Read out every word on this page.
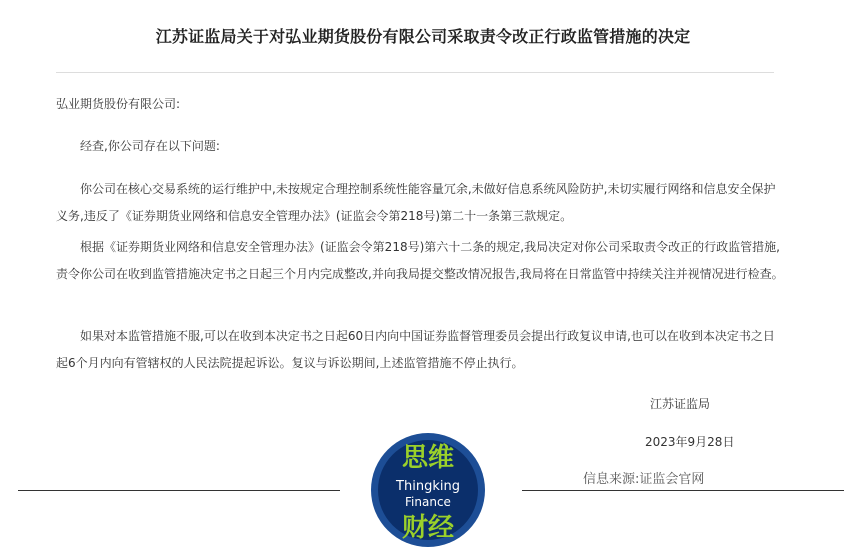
江苏证监局关于对弘业期货股份有限公司采取责令改正行政监管措施的决定

弘业期货股份有限公司:

经查,你公司存在以下问题:

你公司在核心交易系统的运行维护中,未按规定合理控制系统性能容量冗余,未做好信息系统风险防护,未切实履行网络和信息安全保护义务,违反了《证券期货业网络和信息安全管理办法》(证监会令第218号)第二十一条第三款规定。

根据《证券期货业网络和信息安全管理办法》(证监会令第218号)第六十二条的规定,我局决定对你公司采取责令改正的行政监管措施,责令你公司在收到监管措施决定书之日起三个月内完成整改,并向我局提交整改情况报告,我局将在日常监管中持续关注并视情况进行检查。

如果对本监管措施不服,可以在收到本决定书之日起60日内向中国证券监督管理委员会提出行政复议申请,也可以在收到本决定书之日起6个月内向有管辖权的人民法院提起诉讼。复议与诉讼期间,上述监管措施不停止执行。

江苏证监局
2023年9月28日
信息来源:证监会官网
思维
Thingking
Finance
财经
